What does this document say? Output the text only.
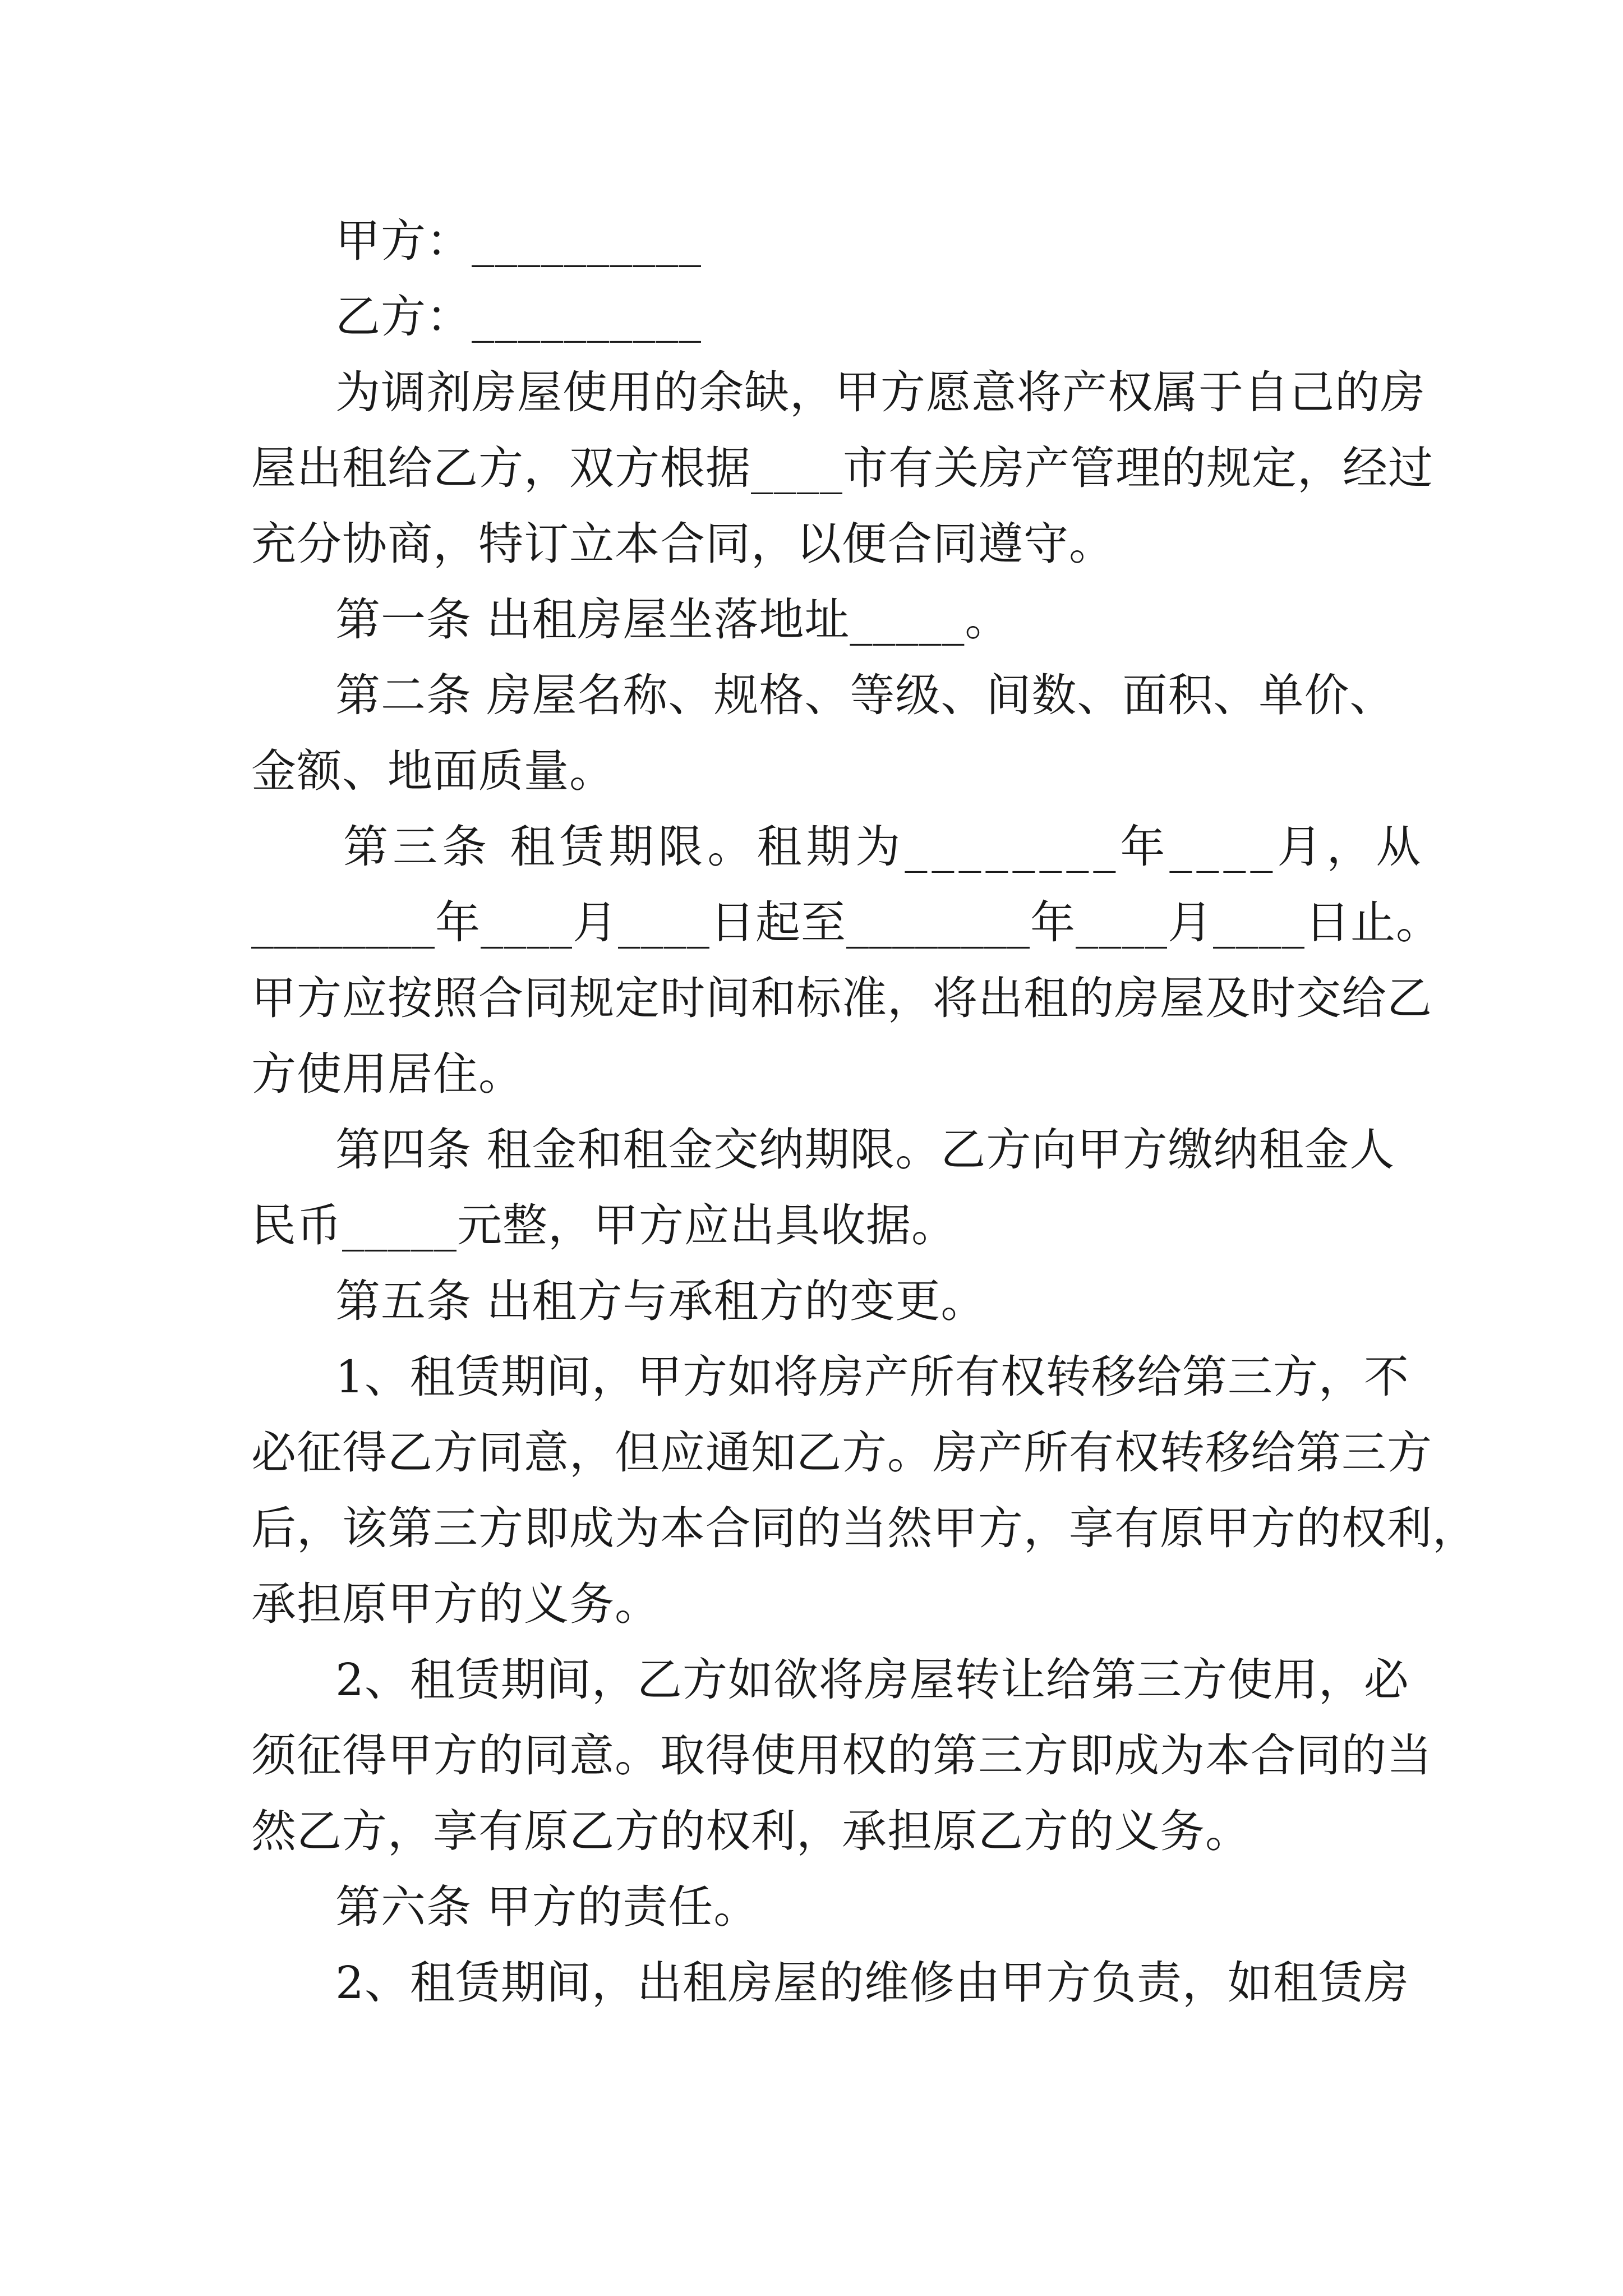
甲方：__________
乙方：__________
为调剂房屋使用的余缺，甲方愿意将产权属于自己的房
屋出租给乙方，双方根据____市有关房产管理的规定，经过
充分协商，特订立本合同，以便合同遵守。
第一条 出租房屋坐落地址_____。
第二条 房屋名称、规格、等级、间数、面积、单价、
金额、地面质量。
第三条 租赁期限。租期为________年____月，从
________年____月____日起至________年____月____日止。
甲方应按照合同规定时间和标准，将出租的房屋及时交给乙
方使用居住。
第四条 租金和租金交纳期限。乙方向甲方缴纳租金人
民币_____元整，甲方应出具收据。
第五条 出租方与承租方的变更。
1、租赁期间，甲方如将房产所有权转移给第三方，不
必征得乙方同意，但应通知乙方。房产所有权转移给第三方
后，该第三方即成为本合同的当然甲方，享有原甲方的权利，
承担原甲方的义务。
2、租赁期间，乙方如欲将房屋转让给第三方使用，必
须征得甲方的同意。取得使用权的第三方即成为本合同的当
然乙方，享有原乙方的权利，承担原乙方的义务。
第六条 甲方的责任。
2、租赁期间，出租房屋的维修由甲方负责，如租赁房
